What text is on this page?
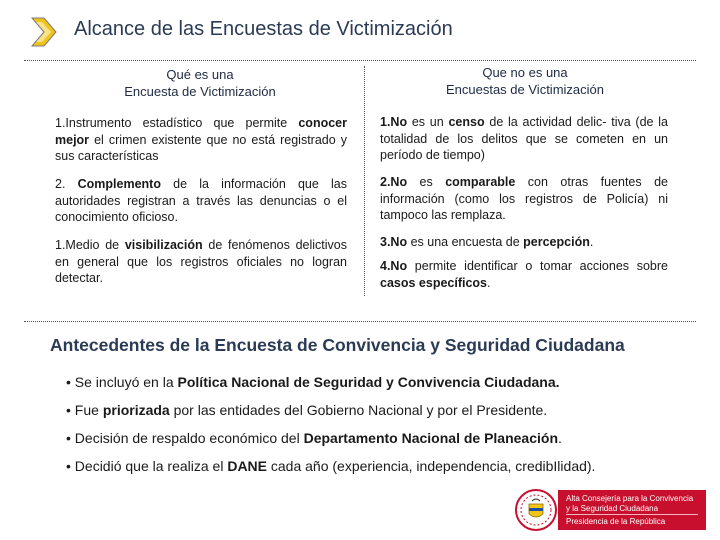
Alcance de las Encuestas de Victimización
Qué es una
Encuesta de Victimización
Que no es una
Encuestas de Victimización
1.Instrumento estadístico que permite conocer mejor el crimen existente que no está registrado y sus características
2. Complemento de la información que las autoridades registran a través las denuncias o el conocimiento oficioso.
1.Medio de visibilización de fenómenos delictivos en general que los registros oficiales no logran detectar.
1.No es un censo de la actividad delic- tiva (de la totalidad de los delitos que se cometen en un período de tiempo)
2.No es comparable con otras fuentes de información (como los registros de Policía) ni tampoco las remplaza.
3.No es una encuesta de percepción.
4.No permite identificar o tomar acciones sobre casos específicos.
Antecedentes de la Encuesta de Convivencia y Seguridad Ciudadana
• Se incluyó en la Política Nacional de Seguridad y Convivencia Ciudadana.
• Fue priorizada por las entidades del Gobierno Nacional y por el Presidente.
• Decisión de respaldo económico del Departamento Nacional de Planeación.
• Decidió que la realiza el DANE cada año (experiencia, independencia, credibIlidad).
Alta Consejería para la Convivencia
y la Seguridad Ciudadana
Presidencia de la República
